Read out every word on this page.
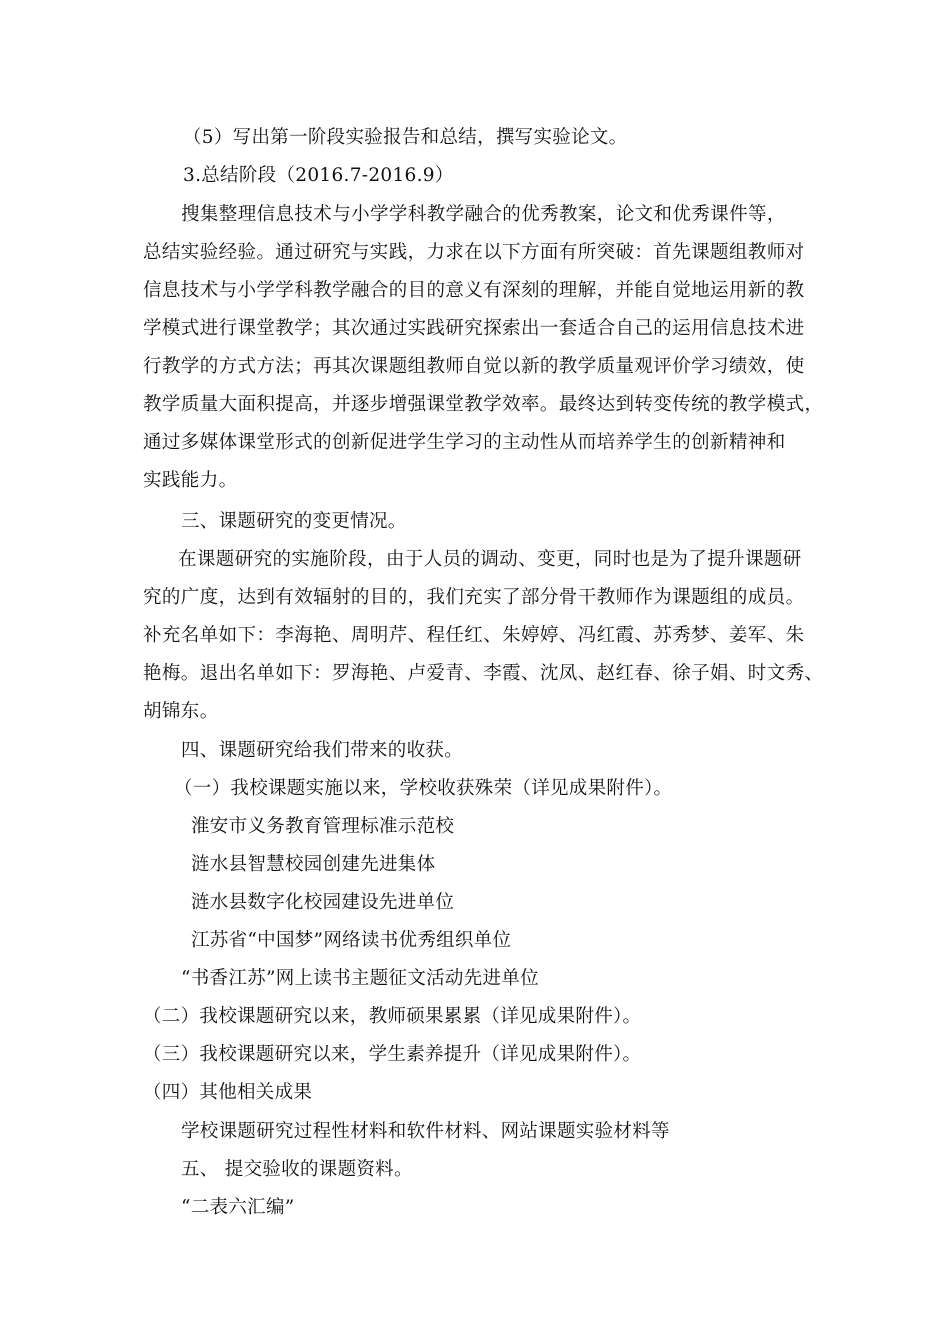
（5）写出第一阶段实验报告和总结，撰写实验论文。
3.总结阶段（2016.7-2016.9）
搜集整理信息技术与小学学科教学融合的优秀教案，论文和优秀课件等，
总结实验经验。通过研究与实践，力求在以下方面有所突破：首先课题组教师对
信息技术与小学学科教学融合的目的意义有深刻的理解，并能自觉地运用新的教
学模式进行课堂教学；其次通过实践研究探索出一套适合自己的运用信息技术进
行教学的方式方法；再其次课题组教师自觉以新的教学质量观评价学习绩效，使
教学质量大面积提高，并逐步增强课堂教学效率。最终达到转变传统的教学模式，
通过多媒体课堂形式的创新促进学生学习的主动性从而培养学生的创新精神和
实践能力。
三、课题研究的变更情况。
在课题研究的实施阶段，由于人员的调动、变更，同时也是为了提升课题研
究的广度，达到有效辐射的目的，我们充实了部分骨干教师作为课题组的成员。
补充名单如下：李海艳、周明芹、程任红、朱婷婷、冯红霞、苏秀梦、姜军、朱
艳梅。退出名单如下：罗海艳、卢爱青、李霞、沈凤、赵红春、徐子娟、时文秀、
胡锦东。
四、课题研究给我们带来的收获。
（一）我校课题实施以来，学校收获殊荣（详见成果附件）。
淮安市义务教育管理标准示范校
涟水县智慧校园创建先进集体
涟水县数字化校园建设先进单位
江苏省“中国梦”网络读书优秀组织单位
“书香江苏”网上读书主题征文活动先进单位
（二）我校课题研究以来，教师硕果累累（详见成果附件）。
（三）我校课题研究以来，学生素养提升（详见成果附件）。
（四）其他相关成果
学校课题研究过程性材料和软件材料、网站课题实验材料等
五、 提交验收的课题资料。
“二表六汇编”
